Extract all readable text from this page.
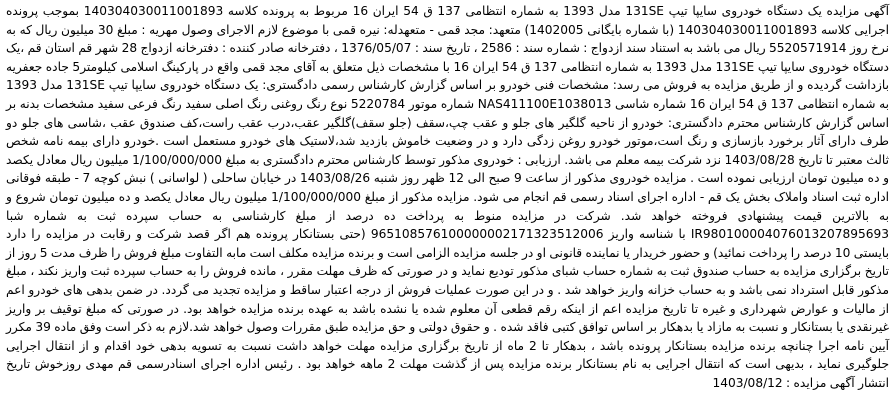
آگهی مزایده یک دستگاه خودروی سایپا تیپ 131SE مدل 1393 به شماره انتظامی 137 ق 54 ایران 16 مربوط به پرونده کلاسه 140304030011001893 بموجب پرونده اجرایی کلاسه 140304030011001893 (با شماره بایگانی 1402005) متعهد: مجد قمی - متعهدله: نیره قمی با موضوع لازم الاجرای وصول مهریه : مبلغ 30 میلیون ریال که به نرخ روز 5520571914 ریال می باشد به استناد سند ازدواج : شماره سند : 2586 ، تاریخ سند : 1376/05/07 ، دفترخانه صادر کننده : دفترخانه ازدواج 28 شهر قم استان قم ،یک دستگاه خودروی سایپا تیپ 131SE مدل 1393 به شماره انتظامی 137 ق 54 ایران 16 با مشخصات ذیل متعلق به آقای مجد قمی واقع در پارکینگ اسلامی کیلومتر5 جاده جعفریه بازداشت گردیده و از طریق مزایده به فروش می رسد: مشخصات فنی خودرو بر اساس گزارش کارشناس رسمی دادگستری: یک دستگاه خودروی سایپا تیپ 131SE مدل 1393 به شماره انتظامی 137 ق 54 ایران 16 شماره شاسی NAS411100E1038013 شماره موتور 5220784 نوع رنگ روغنی رنگ اصلی سفید رنگ فرعی سفید مشخصات بدنه بر اساس گزارش کارشناس محترم دادگستری: خودرو از ناحیه گلگیر های جلو و عقب چپ،سقف (جلو سقف)گلگیر عقب،درب عقب راست،کف صندوق عقب ،شاسی های جلو دو طرف دارای آثار برخورد بازسازی و رنگ است،موتور خودرو روغن زدگی دارد و در وضعیت خاموش بازدید شد،لاستیک های خودرو مستعمل است .خودرو دارای بیمه نامه شخص ثالث معتبر تا تاریخ 1403/08/28 نزد شرکت بیمه معلم می باشد. ارزیابی : خودروی مذکور توسط کارشناس محترم دادگستری به مبلغ 1/100/000/000 میلیون ریال معادل یکصد و ده میلیون تومان ارزیابی نموده است . مزایده خودروی مذکور از ساعت 9 صبح الی 12 ظهر روز شنبه 1403/08/26 در خیابان ساحلی ( لواسانی ) نبش کوچه 7 - طبقه فوقانی اداره ثبت اسناد واملاک بخش یک قم - اداره اجرای اسناد رسمی قم انجام می شود. مزایده مذکور از مبلغ 1/100/000/000 میلیون ریال معادل یکصد و ده میلیون تومان شروع و به بالاترین قیمت پیشنهادی فروخته خواهد شد. شرکت در مزایده منوط به پرداخت ده درصد از مبلغ کارشناسی به حساب سپرده ثبت به شماره شبا IR980100004076013207895693 با شناسه واریز 965108576100000002171323512006 (حتی بستانکار پرونده هم اگر قصد شرکت و رقابت در مزایده را دارد بایستی 10 درصد را پرداخت نمائید) و حضور خریدار یا نماینده قانونی او در جلسه مزایده الزامی است و برنده مزایده مکلف است مابه التفاوت مبلغ فروش را ظرف مدت 5 روز از تاریخ برگزاری مزایده به حساب صندوق ثبت به شماره حساب شبای مذکور تودیع نماید و در صورتی که ظرف مهلت مقرر ، مانده فروش را به حساب سپرده ثبت واریز نکند ، مبلغ مذکور قابل استرداد نمی باشد و به حساب خزانه واریز خواهد شد . و در این صورت عملیات فروش از درجه اعتبار ساقط و مزایده تجدید می گردد. در ضمن بدهی های خودرو اعم از مالیات و عوارض شهرداری و غیره تا تاریخ مزایده اعم از اینکه رقم قطعی آن معلوم شده یا نشده باشد به عهده برنده مزایده خواهد بود. در صورتی که مبلغ توقیف بر واریز غیرنقدی یا بستانکار و نسبت به مازاد یا بدهکار بر اساس توافق کتبی فاقد شده . و حقوق دولتی و حق مزایده طبق مقررات وصول خواهد شد.لازم به ذکر است وفق ماده 39 مکرر آیین نامه اجرا چنانچه برنده مزایده بستانکار پرونده باشد ، بدهکار تا 2 ماه از تاریخ برگزاری مزایده مهلت خواهد داشت نسبت به تسویه بدهی خود اقدام و از انتقال اجرایی جلوگیری نماید ، بدیهی است که انتقال اجرایی به نام بستانکار برنده مزایده پس از گذشت مهلت 2 ماهه خواهد بود . رئیس اداره اجرای اسنادرسمی قم مهدی روزخوش تاریخ انتشار آگهی مزایده : 1403/08/12
